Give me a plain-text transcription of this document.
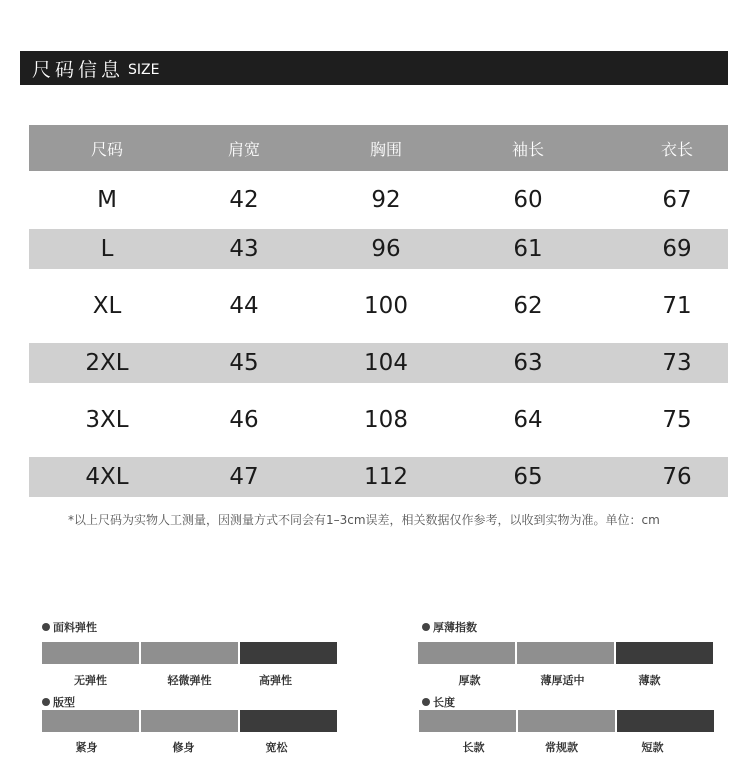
尺码信息 SIZE
尺码	肩宽	胸围	袖长	衣长
M	42	92	60	67
L	43	96	61	69
XL	44	100	62	71
2XL	45	104	63	73
3XL	46	108	64	75
4XL	47	112	65	76
*以上尺码为实物人工测量，因测量方式不同会有1–3cm误差，相关数据仅作参考，以收到实物为准。单位：cm
面料弹性
无弹性	轻微弹性	高弹性
版型
紧身	修身	宽松
厚薄指数
厚款	薄厚适中	薄款
长度
长款	常规款	短款
